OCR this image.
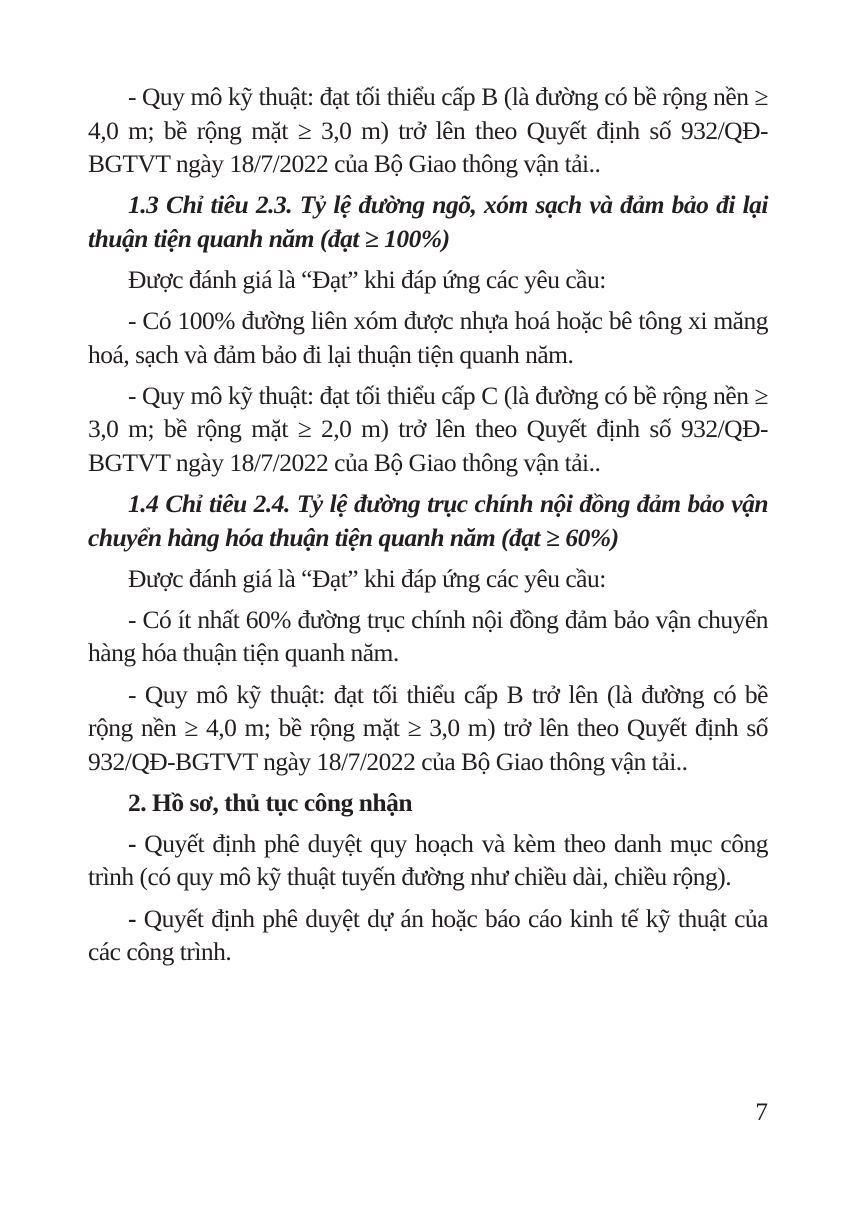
- Quy mô kỹ thuật: đạt tối thiểu cấp B (là đường có bề rộng nền ≥ 4,0 m; bề rộng mặt ≥ 3,0 m) trở lên theo Quyết định số 932/QĐ-BGTVT ngày 18/7/2022 của Bộ Giao thông vận tải..

1.3 Chỉ tiêu 2.3. Tỷ lệ đường ngõ, xóm sạch và đảm bảo đi lại thuận tiện quanh năm (đạt ≥ 100%)

Được đánh giá là “Đạt” khi đáp ứng các yêu cầu:

- Có 100% đường liên xóm được nhựa hoá hoặc bê tông xi măng hoá, sạch và đảm bảo đi lại thuận tiện quanh năm.

- Quy mô kỹ thuật: đạt tối thiểu cấp C (là đường có bề rộng nền ≥ 3,0 m; bề rộng mặt ≥ 2,0 m) trở lên theo Quyết định số 932/QĐ-BGTVT ngày 18/7/2022 của Bộ Giao thông vận tải..

1.4 Chỉ tiêu 2.4. Tỷ lệ đường trục chính nội đồng đảm bảo vận chuyển hàng hóa thuận tiện quanh năm (đạt ≥ 60%)

Được đánh giá là “Đạt” khi đáp ứng các yêu cầu:

- Có ít nhất 60% đường trục chính nội đồng đảm bảo vận chuyển hàng hóa thuận tiện quanh năm.

- Quy mô kỹ thuật: đạt tối thiểu cấp B trở lên (là đường có bề rộng nền ≥ 4,0 m; bề rộng mặt ≥ 3,0 m) trở lên theo Quyết định số 932/QĐ-BGTVT ngày 18/7/2022 của Bộ Giao thông vận tải..

2. Hồ sơ, thủ tục công nhận

- Quyết định phê duyệt quy hoạch và kèm theo danh mục công trình (có quy mô kỹ thuật tuyến đường như chiều dài, chiều rộng).

- Quyết định phê duyệt dự án hoặc báo cáo kinh tế kỹ thuật của các công trình.

7
